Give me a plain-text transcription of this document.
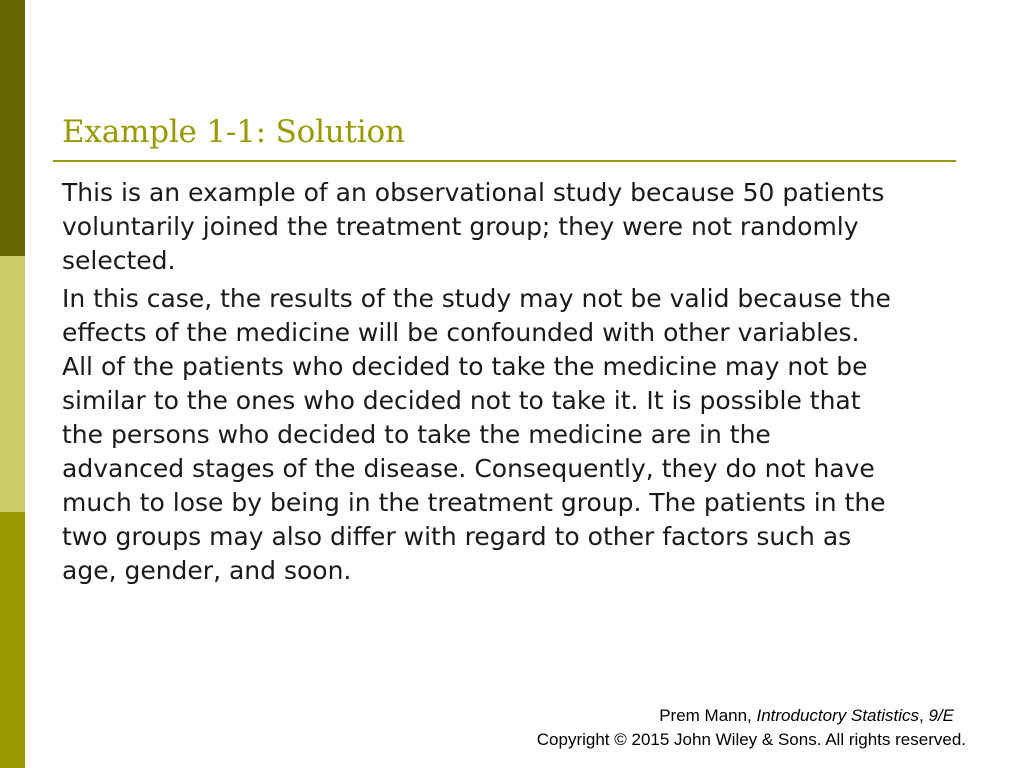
Example 1-1: Solution

This is an example of an observational study because 50 patients
voluntarily joined the treatment group; they were not randomly
selected.

In this case, the results of the study may not be valid because the
effects of the medicine will be confounded with other variables.
All of the patients who decided to take the medicine may not be
similar to the ones who decided not to take it. It is possible that
the persons who decided to take the medicine are in the
advanced stages of the disease. Consequently, they do not have
much to lose by being in the treatment group. The patients in the
two groups may also differ with regard to other factors such as
age, gender, and soon.

Prem Mann, Introductory Statistics, 9/E
Copyright © 2015 John Wiley & Sons. All rights reserved.
